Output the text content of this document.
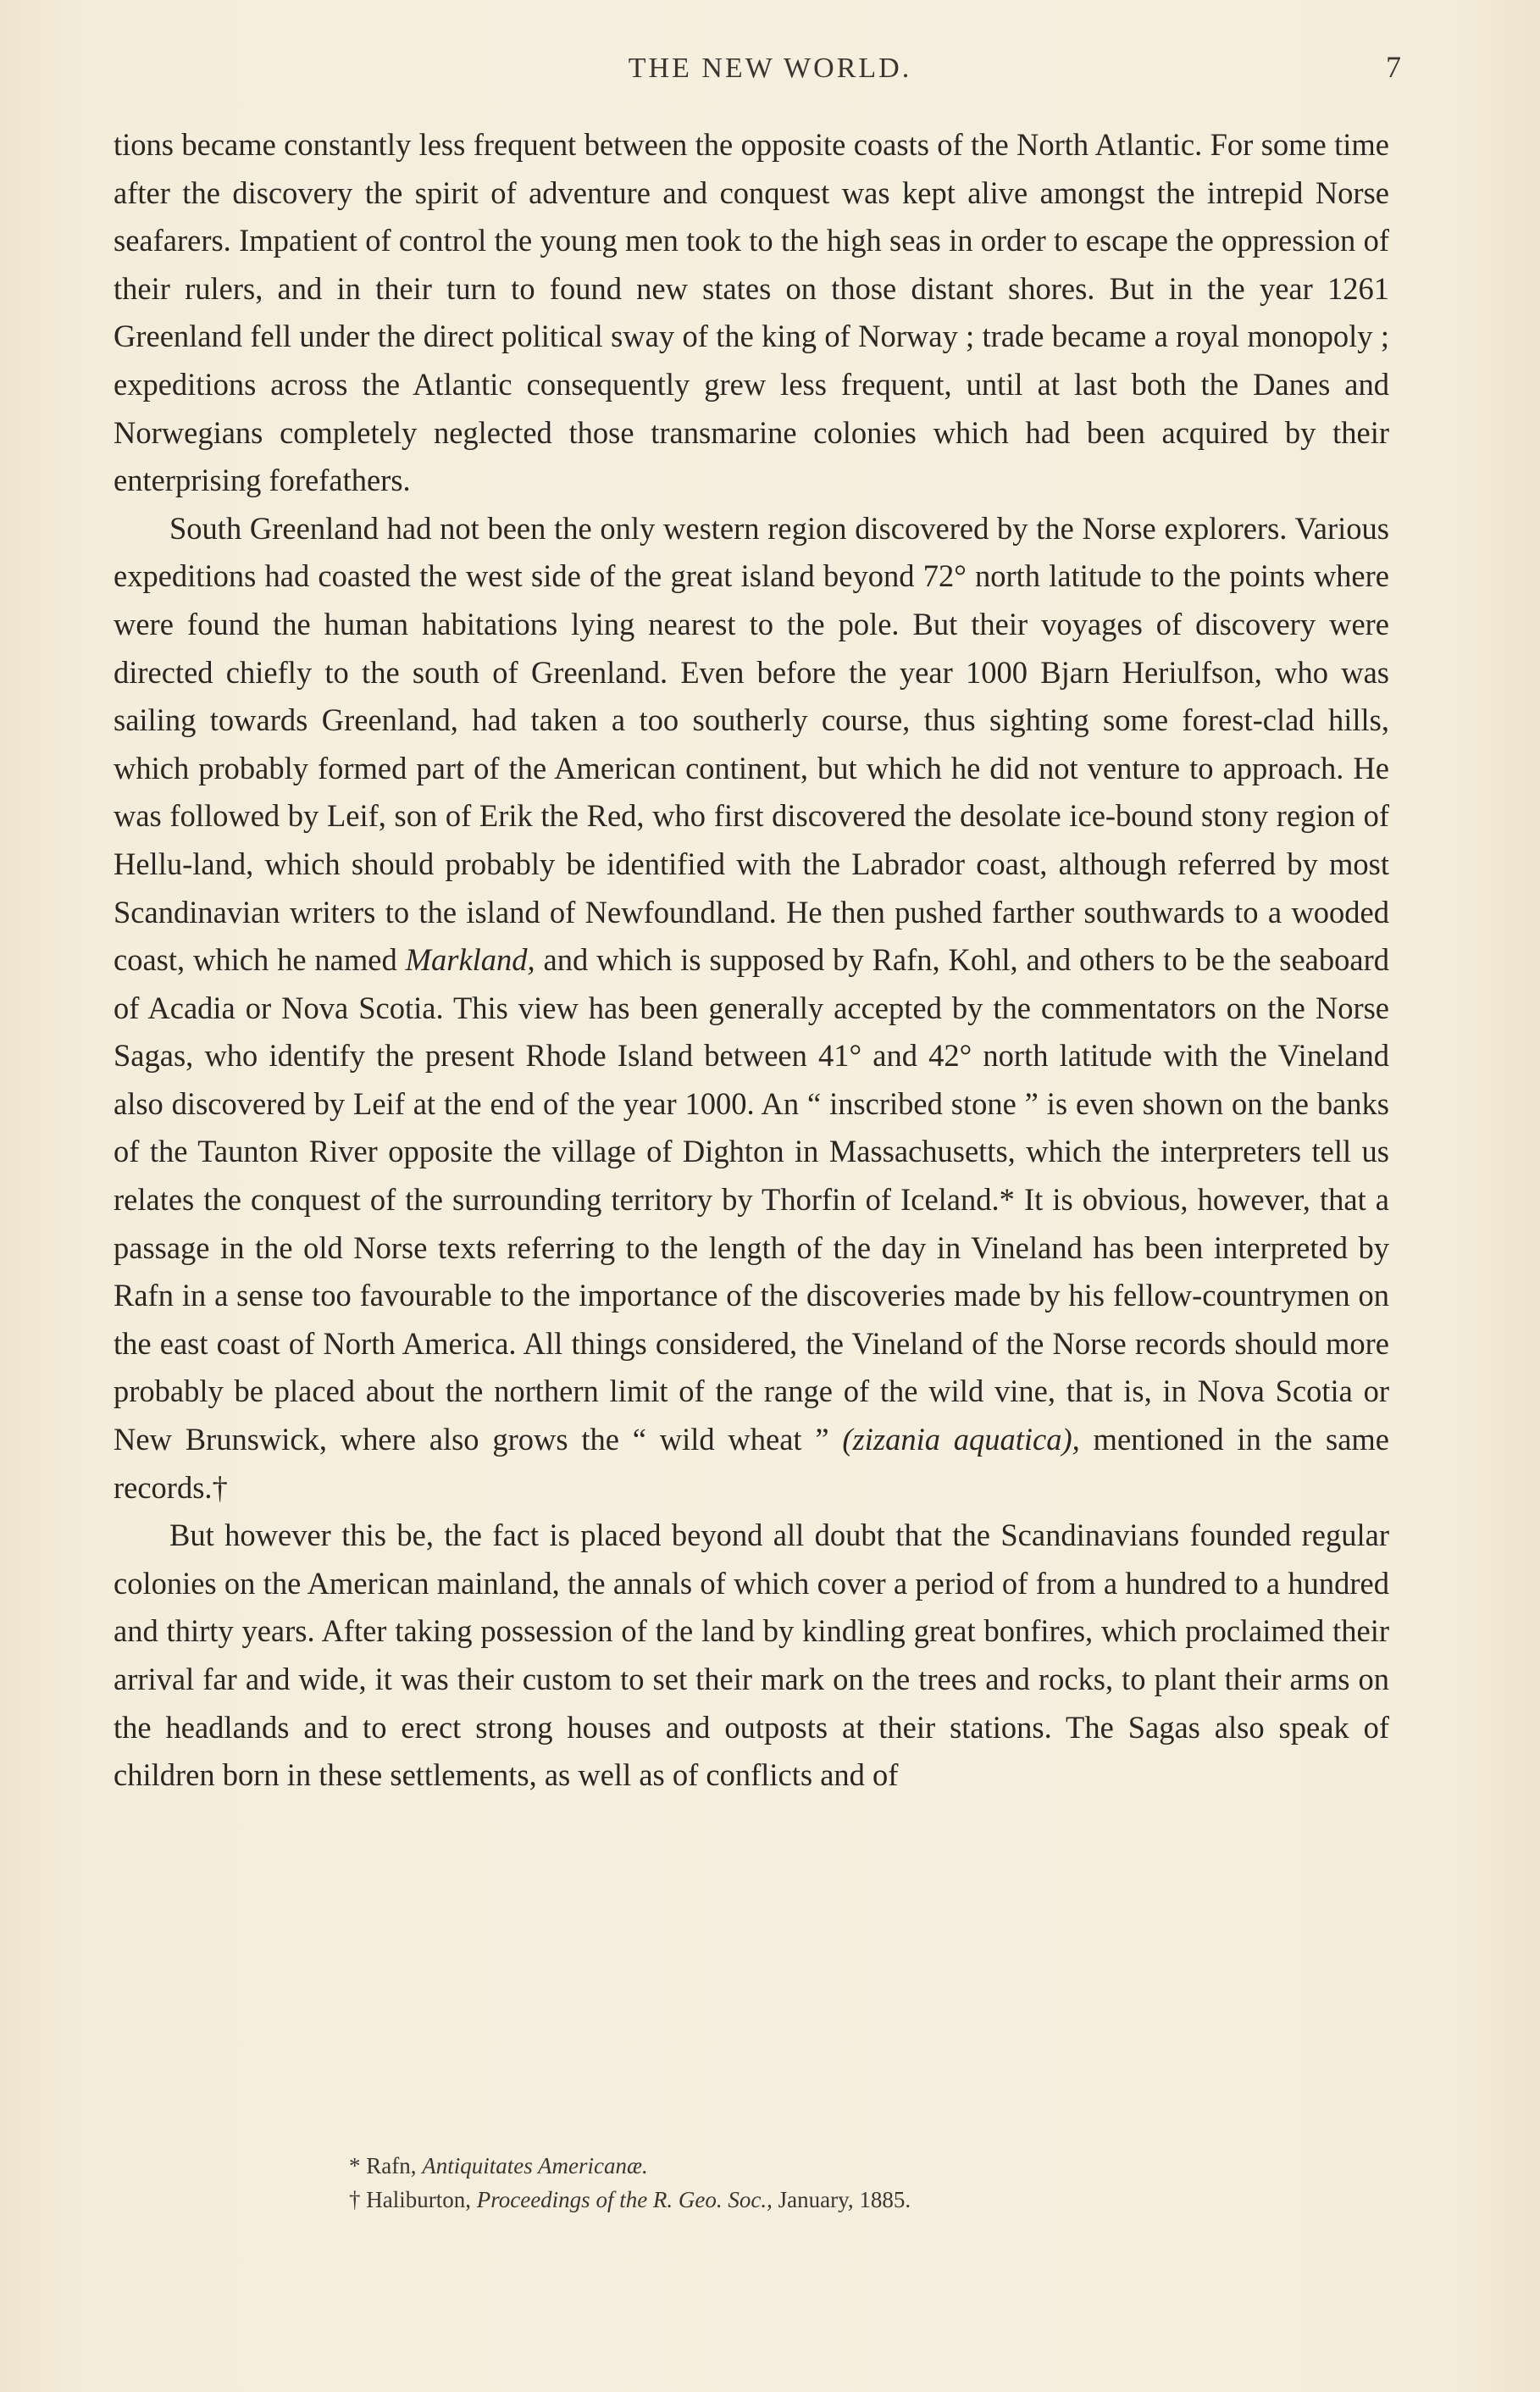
THE NEW WORLD.	7

tions became constantly less frequent between the opposite coasts of the North Atlantic. For some time after the discovery the spirit of adventure and conquest was kept alive amongst the intrepid Norse seafarers. Impatient of control the young men took to the high seas in order to escape the oppression of their rulers, and in their turn to found new states on those distant shores. But in the year 1261 Greenland fell under the direct political sway of the king of Norway ; trade became a royal monopoly ; expeditions across the Atlantic consequently grew less frequent, until at last both the Danes and Norwegians completely neglected those transmarine colonies which had been acquired by their enterprising forefathers.

South Greenland had not been the only western region discovered by the Norse explorers. Various expeditions had coasted the west side of the great island beyond 72° north latitude to the points where were found the human habitations lying nearest to the pole. But their voyages of discovery were directed chiefly to the south of Greenland. Even before the year 1000 Bjarn Heriulfson, who was sailing towards Greenland, had taken a too southerly course, thus sighting some forest-clad hills, which probably formed part of the American continent, but which he did not venture to approach. He was followed by Leif, son of Erik the Red, who first discovered the desolate ice-bound stony region of Hellu-land, which should probably be identified with the Labrador coast, although referred by most Scandinavian writers to the island of Newfoundland. He then pushed farther southwards to a wooded coast, which he named Markland, and which is supposed by Rafn, Kohl, and others to be the seaboard of Acadia or Nova Scotia. This view has been generally accepted by the commentators on the Norse Sagas, who identify the present Rhode Island between 41° and 42° north latitude with the Vineland also discovered by Leif at the end of the year 1000. An “ inscribed stone ” is even shown on the banks of the Taunton River opposite the village of Dighton in Massachusetts, which the interpreters tell us relates the conquest of the surrounding territory by Thorfin of Iceland.* It is obvious, however, that a passage in the old Norse texts referring to the length of the day in Vineland has been interpreted by Rafn in a sense too favourable to the importance of the discoveries made by his fellow-countrymen on the east coast of North America. All things considered, the Vineland of the Norse records should more probably be placed about the northern limit of the range of the wild vine, that is, in Nova Scotia or New Brunswick, where also grows the “ wild wheat ” (zizania aquatica), mentioned in the same records.†

But however this be, the fact is placed beyond all doubt that the Scandinavians founded regular colonies on the American mainland, the annals of which cover a period of from a hundred to a hundred and thirty years. After taking possession of the land by kindling great bonfires, which proclaimed their arrival far and wide, it was their custom to set their mark on the trees and rocks, to plant their arms on the headlands and to erect strong houses and outposts at their stations. The Sagas also speak of children born in these settlements, as well as of conflicts and of

* Rafn, Antiquitates Americanæ.
† Haliburton, Proceedings of the R. Geo. Soc., January, 1885.
